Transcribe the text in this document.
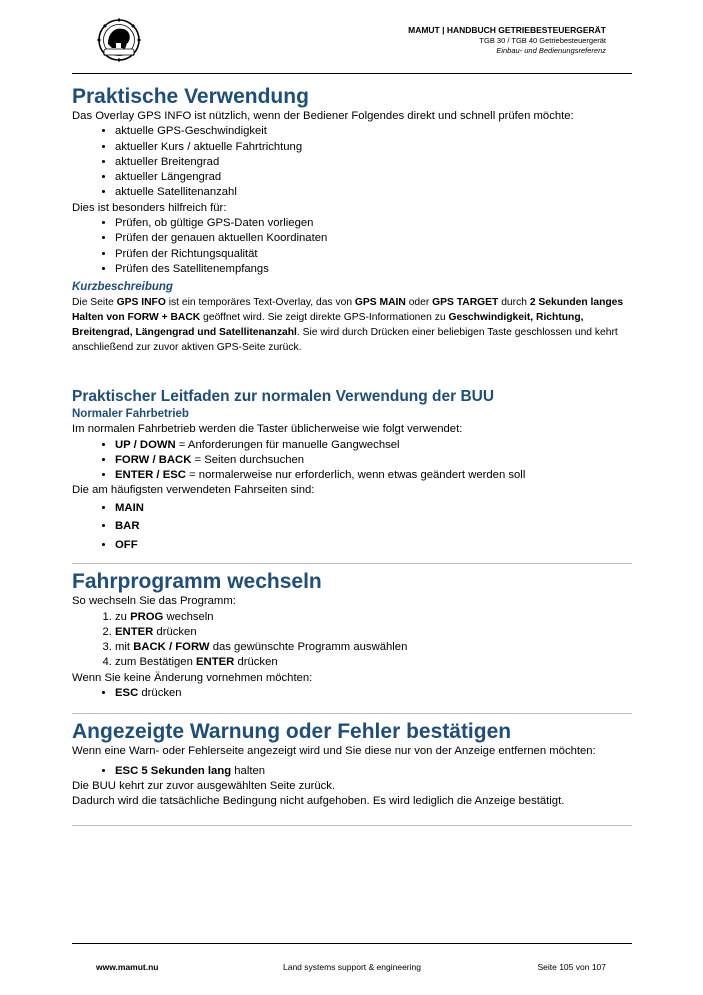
MAMUT | HANDBUCH GETRIEBESTEUERGERÄT
TGB 30 / TGB 40 Getriebesteuergerät
Einbau- und Bedienungsreferenz
Praktische Verwendung

Das Overlay GPS INFO ist nützlich, wenn der Bediener Folgendes direkt und schnell prüfen möchte:

• aktuelle GPS-Geschwindigkeit
• aktueller Kurs / aktuelle Fahrtrichtung
• aktueller Breitengrad
• aktueller Längengrad
• aktuelle Satellitenanzahl

Dies ist besonders hilfreich für:

• Prüfen, ob gültige GPS-Daten vorliegen
• Prüfen der genauen aktuellen Koordinaten
• Prüfen der Richtungsqualität
• Prüfen des Satellitenempfangs
Kurzbeschreibung

Die Seite GPS INFO ist ein temporäres Text-Overlay, das von GPS MAIN oder GPS TARGET durch 2 Sekunden langes Halten von FORW + BACK geöffnet wird. Sie zeigt direkte GPS-Informationen zu Geschwindigkeit, Richtung, Breitengrad, Längengrad und Satellitenanzahl. Sie wird durch Drücken einer beliebigen Taste geschlossen und kehrt anschließend zur zuvor aktiven GPS-Seite zurück.

Praktischer Leitfaden zur normalen Verwendung der BUU
Normaler Fahrbetrieb

Im normalen Fahrbetrieb werden die Taster üblicherweise wie folgt verwendet:

• UP / DOWN = Anforderungen für manuelle Gangwechsel
• FORW / BACK = Seiten durchsuchen
• ENTER / ESC = normalerweise nur erforderlich, wenn etwas geändert werden soll

Die am häufigsten verwendeten Fahrseiten sind:

• MAIN
• BAR
• OFF
Fahrprogramm wechseln

So wechseln Sie das Programm:

1. zu PROG wechseln
2. ENTER drücken
3. mit BACK / FORW das gewünschte Programm auswählen
4. zum Bestätigen ENTER drücken

Wenn Sie keine Änderung vornehmen möchten:

• ESC drücken
Angezeigte Warnung oder Fehler bestätigen

Wenn eine Warn- oder Fehlerseite angezeigt wird und Sie diese nur von der Anzeige entfernen möchten:

• ESC 5 Sekunden lang halten

Die BUU kehrt zur zuvor ausgewählten Seite zurück.

Dadurch wird die tatsächliche Bedingung nicht aufgehoben. Es wird lediglich die Anzeige bestätigt.

www.mamut.nu	Land systems support & engineering	Seite 105 von 107
